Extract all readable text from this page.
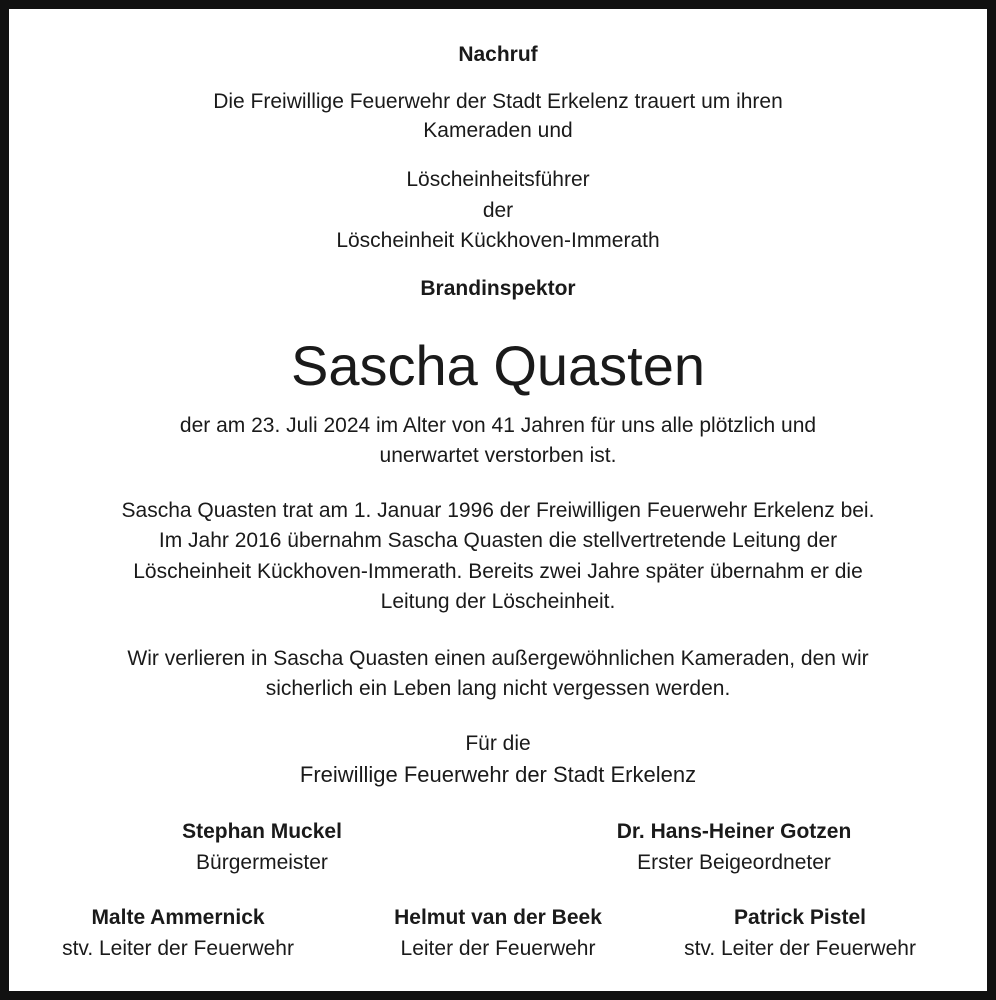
Nachruf
Die Freiwillige Feuerwehr der Stadt Erkelenz trauert um ihren
Kameraden und
Löscheinheitsführer
der
Löscheinheit Kückhoven-Immerath
Brandinspektor
Sascha Quasten
der am 23. Juli 2024 im Alter von 41 Jahren für uns alle plötzlich und
unerwartet verstorben ist.
Sascha Quasten trat am 1. Januar 1996 der Freiwilligen Feuerwehr Erkelenz bei.
Im Jahr 2016 übernahm Sascha Quasten die stellvertretende Leitung der
Löscheinheit Kückhoven-Immerath. Bereits zwei Jahre später übernahm er die
Leitung der Löscheinheit.
Wir verlieren in Sascha Quasten einen außergewöhnlichen Kameraden, den wir
sicherlich ein Leben lang nicht vergessen werden.
Für die
Freiwillige Feuerwehr der Stadt Erkelenz
Stephan Muckel
Bürgermeister
Dr. Hans-Heiner Gotzen
Erster Beigeordneter
Malte Ammernick
stv. Leiter der Feuerwehr
Helmut van der Beek
Leiter der Feuerwehr
Patrick Pistel
stv. Leiter der Feuerwehr
